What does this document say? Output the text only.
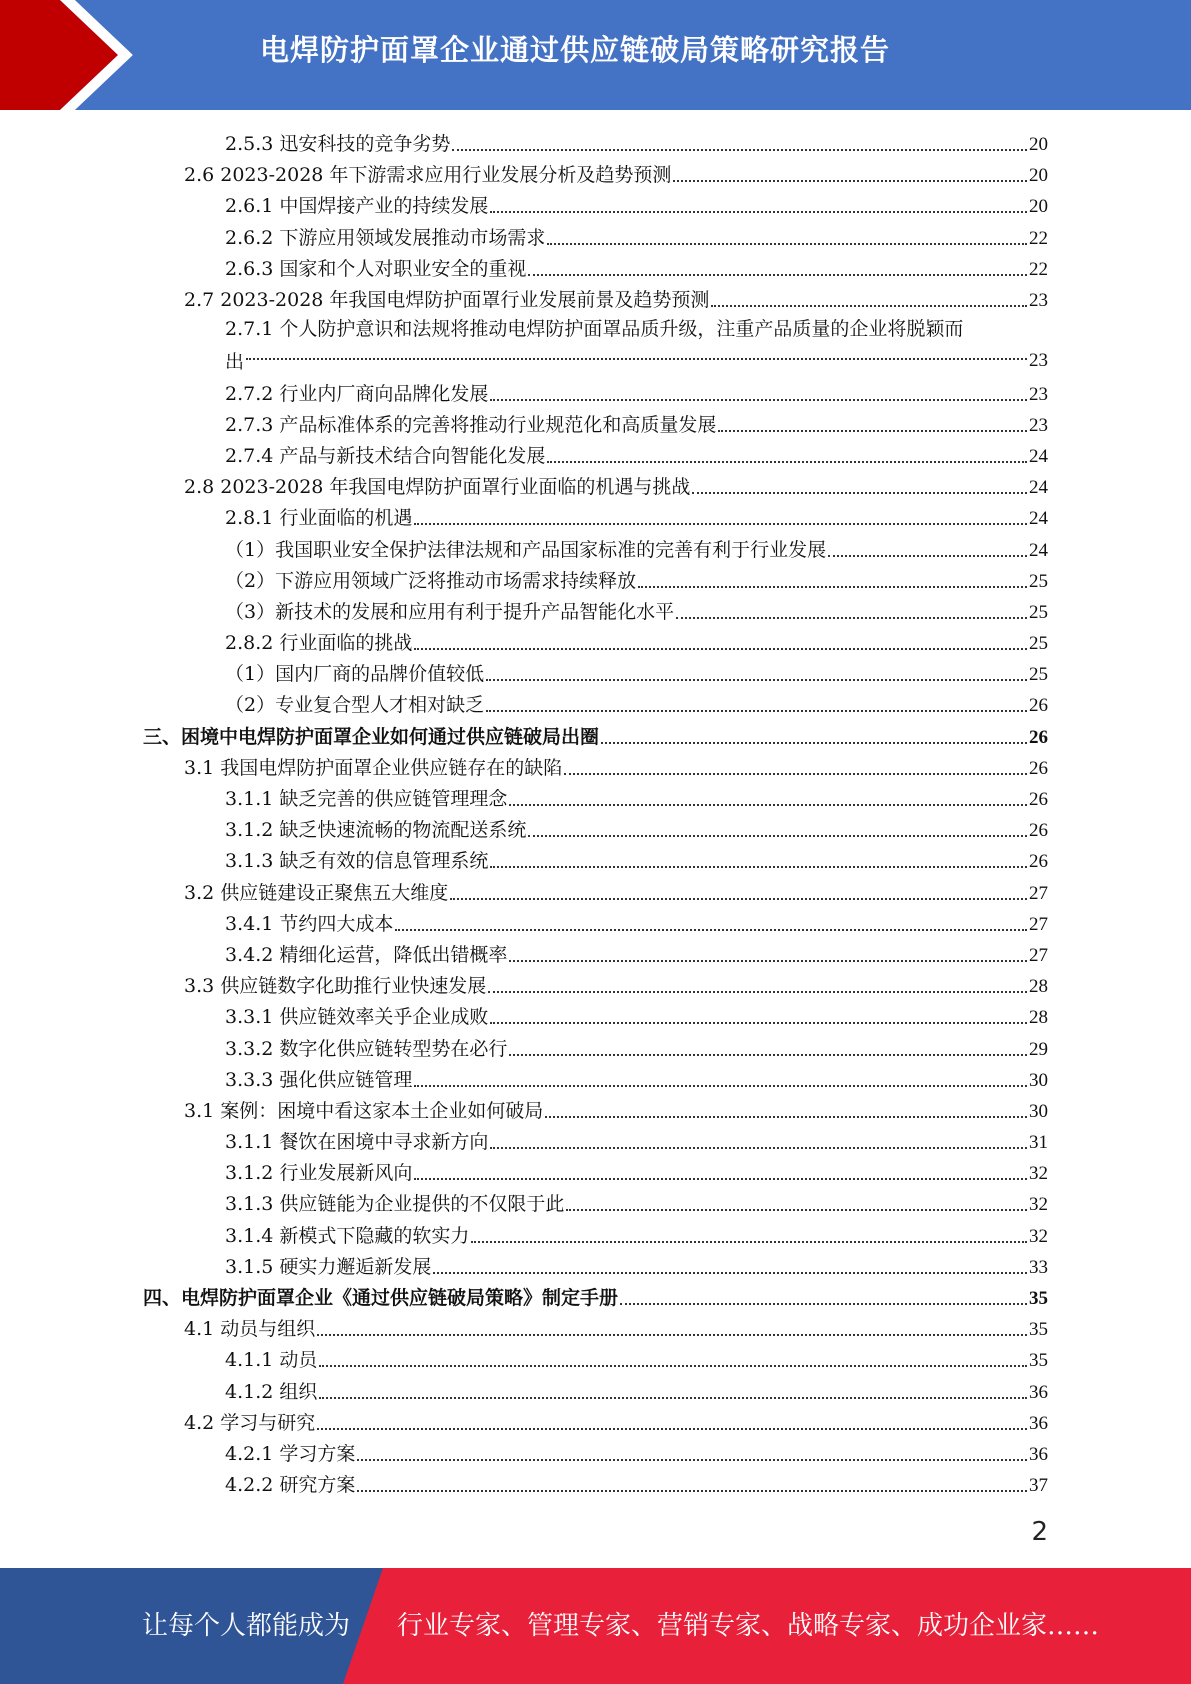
电焊防护面罩企业通过供应链破局策略研究报告
2.5.3 迅安科技的竞争劣势	20
2.6 2023-2028 年下游需求应用行业发展分析及趋势预测	20
2.6.1 中国焊接产业的持续发展	20
2.6.2 下游应用领域发展推动市场需求	22
2.6.3 国家和个人对职业安全的重视	22
2.7 2023-2028 年我国电焊防护面罩行业发展前景及趋势预测	23
2.7.1 个人防护意识和法规将推动电焊防护面罩品质升级，注重产品质量的企业将脱颖而
出	23
2.7.2 行业内厂商向品牌化发展	23
2.7.3 产品标准体系的完善将推动行业规范化和高质量发展	23
2.7.4 产品与新技术结合向智能化发展	24
2.8 2023-2028 年我国电焊防护面罩行业面临的机遇与挑战	24
2.8.1 行业面临的机遇	24
（1）我国职业安全保护法律法规和产品国家标准的完善有利于行业发展	24
（2）下游应用领域广泛将推动市场需求持续释放	25
（3）新技术的发展和应用有利于提升产品智能化水平	25
2.8.2 行业面临的挑战	25
（1）国内厂商的品牌价值较低	25
（2）专业复合型人才相对缺乏	26
三、困境中电焊防护面罩企业如何通过供应链破局出圈	26
3.1 我国电焊防护面罩企业供应链存在的缺陷	26
3.1.1 缺乏完善的供应链管理理念	26
3.1.2 缺乏快速流畅的物流配送系统	26
3.1.3 缺乏有效的信息管理系统	26
3.2 供应链建设正聚焦五大维度	27
3.4.1 节约四大成本	27
3.4.2 精细化运营，降低出错概率	27
3.3 供应链数字化助推行业快速发展	28
3.3.1 供应链效率关乎企业成败	28
3.3.2 数字化供应链转型势在必行	29
3.3.3 强化供应链管理	30
3.1 案例：困境中看这家本土企业如何破局	30
3.1.1 餐饮在困境中寻求新方向	31
3.1.2 行业发展新风向	32
3.1.3 供应链能为企业提供的不仅限于此	32
3.1.4 新模式下隐藏的软实力	32
3.1.5 硬实力邂逅新发展	33
四、电焊防护面罩企业《通过供应链破局策略》制定手册	35
4.1 动员与组织	35
4.1.1 动员	35
4.1.2 组织	36
4.2 学习与研究	36
4.2.1 学习方案	36
4.2.2 研究方案	37
2
让每个人都能成为 行业专家、管理专家、营销专家、战略专家、成功企业家……
